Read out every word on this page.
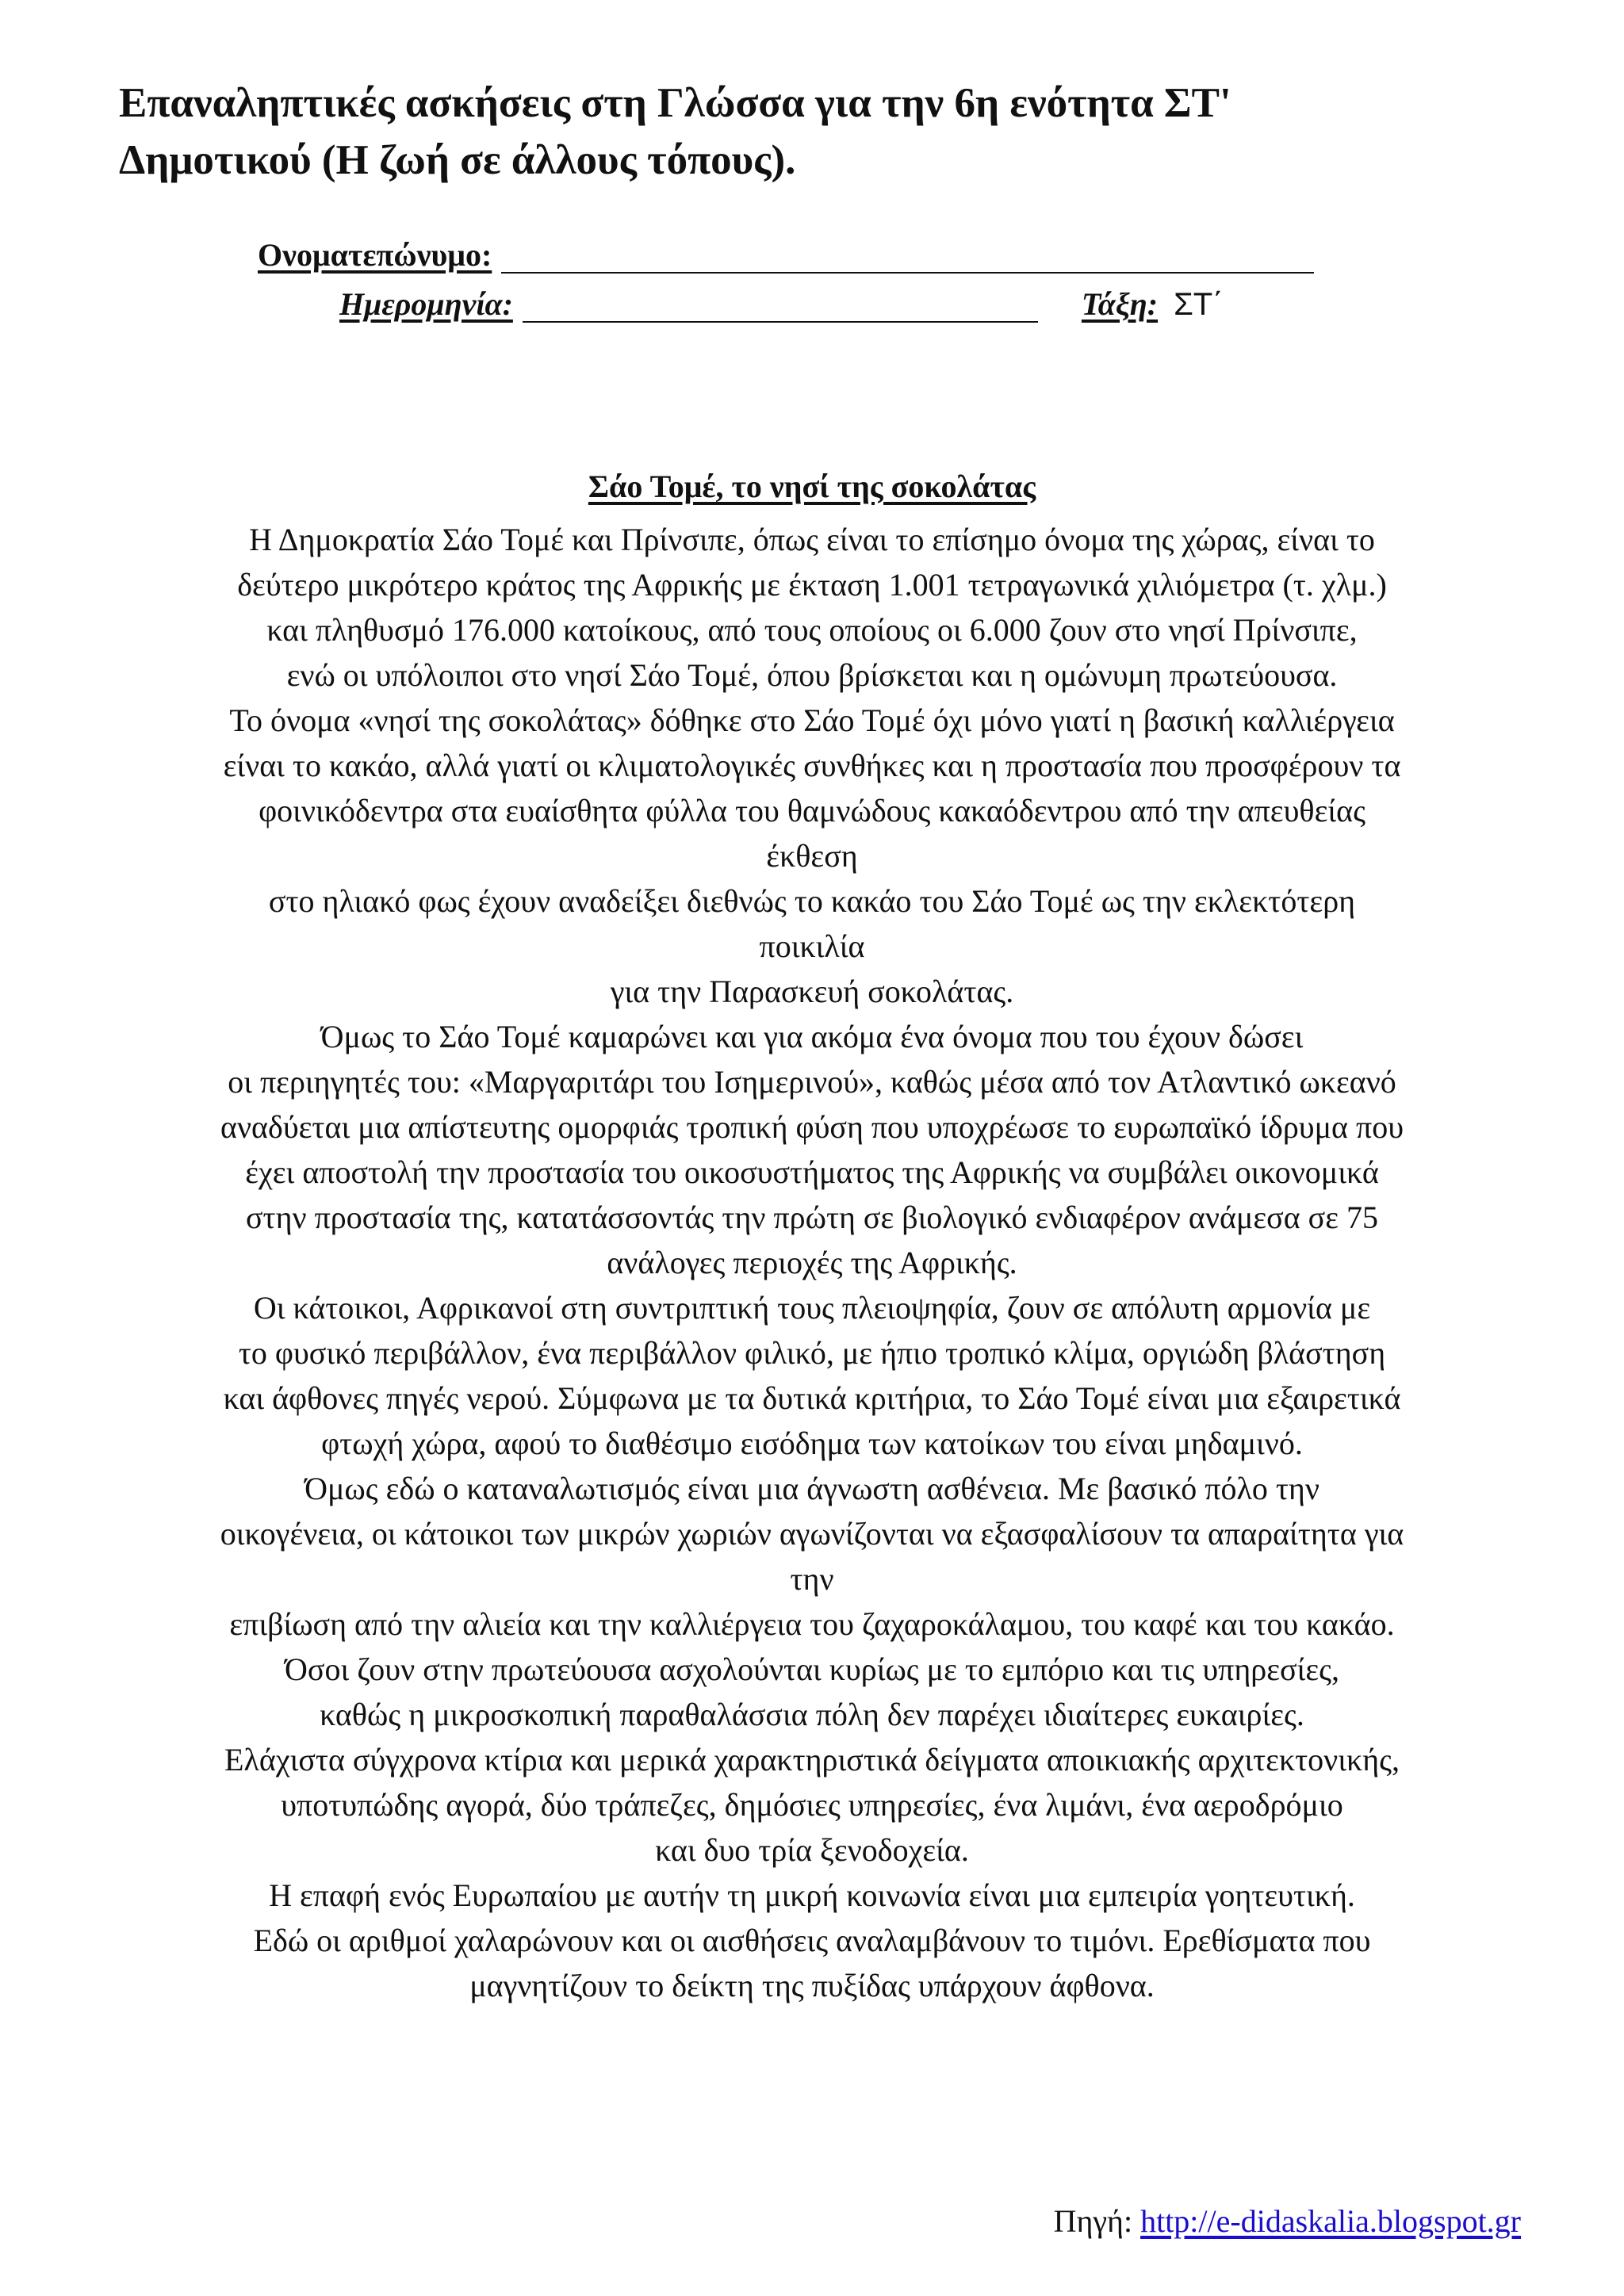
Επαναληπτικές ασκήσεις στη Γλώσσα για την 6η ενότητα ΣΤ'
Δημοτικού (Η ζωή σε άλλους τόπους).
Ονοματεπώνυμο:
Ημερομηνία:	Τάξη: ΣΤ΄
Σάο Τομέ, το νησί της σοκολάτας
Η Δημοκρατία Σάο Τομέ και Πρίνσιπε, όπως είναι το επίσημο όνομα της χώρας, είναι το
δεύτερο μικρότερο κράτος της Αφρικής με έκταση 1.001 τετραγωνικά χιλιόμετρα (τ. χλμ.)
και πληθυσμό 176.000 κατοίκους, από τους οποίους οι 6.000 ζουν στο νησί Πρίνσιπε,
ενώ οι υπόλοιποι στο νησί Σάο Τομέ, όπου βρίσκεται και η ομώνυμη πρωτεύουσα.
Το όνομα «νησί της σοκολάτας» δόθηκε στο Σάο Τομέ όχι μόνο γιατί η βασική καλλιέργεια
είναι το κακάο, αλλά γιατί οι κλιματολογικές συνθήκες και η προστασία που προσφέρουν τα
φοινικόδεντρα στα ευαίσθητα φύλλα του θαμνώδους κακαόδεντρου από την απευθείας
έκθεση
στο ηλιακό φως έχουν αναδείξει διεθνώς το κακάο του Σάο Τομέ ως την εκλεκτότερη
ποικιλία
για την Παρασκευή σοκολάτας.
Όμως το Σάο Τομέ καμαρώνει και για ακόμα ένα όνομα που του έχουν δώσει
οι περιηγητές του: «Μαργαριτάρι του Ισημερινού», καθώς μέσα από τον Ατλαντικό ωκεανό
αναδύεται μια απίστευτης ομορφιάς τροπική φύση που υποχρέωσε το ευρωπαϊκό ίδρυμα που
έχει αποστολή την προστασία του οικοσυστήματος της Αφρικής να συμβάλει οικονομικά
στην προστασία της, κατατάσσοντάς την πρώτη σε βιολογικό ενδιαφέρον ανάμεσα σε 75
ανάλογες περιοχές της Αφρικής.
Οι κάτοικοι, Αφρικανοί στη συντριπτική τους πλειοψηφία, ζουν σε απόλυτη αρμονία με
το φυσικό περιβάλλον, ένα περιβάλλον φιλικό, με ήπιο τροπικό κλίμα, οργιώδη βλάστηση
και άφθονες πηγές νερού. Σύμφωνα με τα δυτικά κριτήρια, το Σάο Τομέ είναι μια εξαιρετικά
φτωχή χώρα, αφού το διαθέσιμο εισόδημα των κατοίκων του είναι μηδαμινό.
Όμως εδώ ο καταναλωτισμός είναι μια άγνωστη ασθένεια. Με βασικό πόλο την
οικογένεια, οι κάτοικοι των μικρών χωριών αγωνίζονται να εξασφαλίσουν τα απαραίτητα για
την
επιβίωση από την αλιεία και την καλλιέργεια του ζαχαροκάλαμου, του καφέ και του κακάο.
Όσοι ζουν στην πρωτεύουσα ασχολούνται κυρίως με το εμπόριο και τις υπηρεσίες,
καθώς η μικροσκοπική παραθαλάσσια πόλη δεν παρέχει ιδιαίτερες ευκαιρίες.
Ελάχιστα σύγχρονα κτίρια και μερικά χαρακτηριστικά δείγματα αποικιακής αρχιτεκτονικής,
υποτυπώδης αγορά, δύο τράπεζες, δημόσιες υπηρεσίες, ένα λιμάνι, ένα αεροδρόμιο
και δυο τρία ξενοδοχεία.
Η επαφή ενός Ευρωπαίου με αυτήν τη μικρή κοινωνία είναι μια εμπειρία γοητευτική.
Εδώ οι αριθμοί χαλαρώνουν και οι αισθήσεις αναλαμβάνουν το τιμόνι. Ερεθίσματα που
μαγνητίζουν το δείκτη της πυξίδας υπάρχουν άφθονα.
Πηγή: http://e-didaskalia.blogspot.gr
